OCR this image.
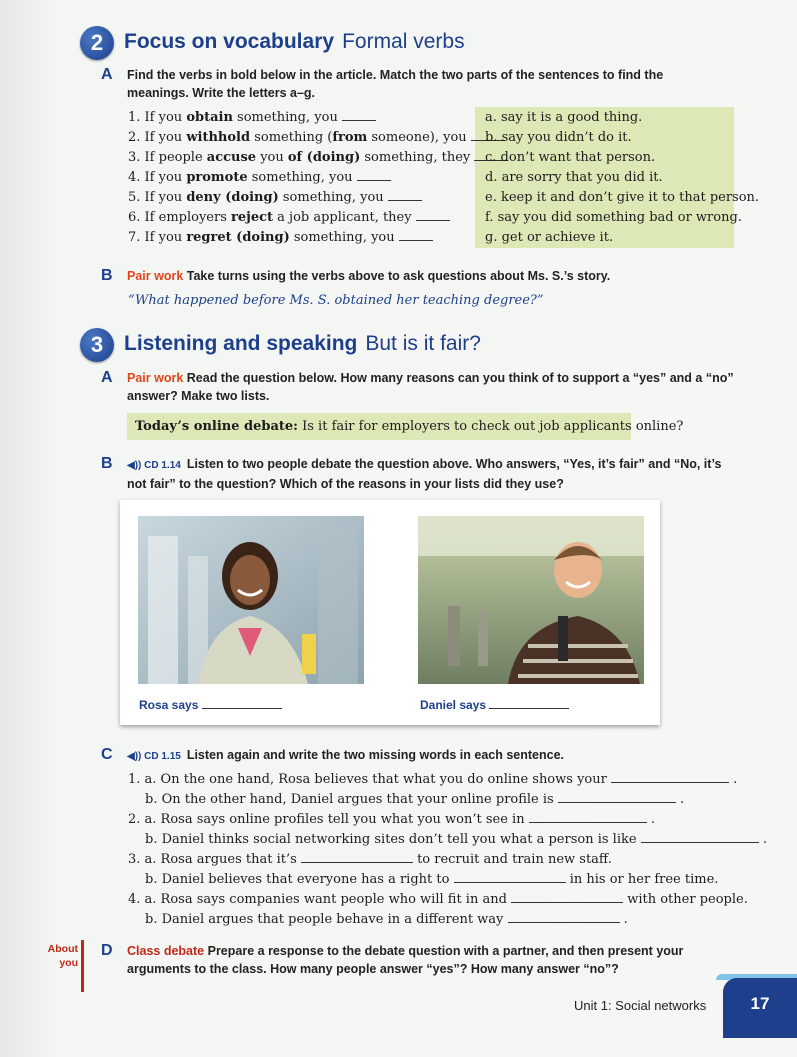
2 Focus on vocabulary Formal verbs
A Find the verbs in bold below in the article. Match the two parts of the sentences to find the meanings. Write the letters a–g.
1. If you obtain something, you
2. If you withhold something (from someone), you
3. If people accuse you of (doing) something, they
4. If you promote something, you
5. If you deny (doing) something, you
6. If employers reject a job applicant, they
7. If you regret (doing) something, you
a. say it is a good thing.
b. say you didn’t do it.
c. don’t want that person.
d. are sorry that you did it.
e. keep it and don’t give it to that person.
f. say you did something bad or wrong.
g. get or achieve it.
B Pair work Take turns using the verbs above to ask questions about Ms. S.’s story.
“What happened before Ms. S. obtained her teaching degree?”
3 Listening and speaking But is it fair?
A Pair work Read the question below. How many reasons can you think of to support a “yes” and a “no” answer? Make two lists.
Today’s online debate: Is it fair for employers to check out job applicants online?
B ◀)) CD 1.14 Listen to two people debate the question above. Who answers, “Yes, it’s fair” and “No, it’s not fair” to the question? Which of the reasons in your lists did they use?
Rosa says	Daniel says
C ◀)) CD 1.15 Listen again and write the two missing words in each sentence.
1. a. On the one hand, Rosa believes that what you do online shows your	.
b. On the other hand, Daniel argues that your online profile is	.
2. a. Rosa says online profiles tell you what you won’t see in	.
b. Daniel thinks social networking sites don’t tell you what a person is like	.
3. a. Rosa argues that it’s	to recruit and train new staff.
b. Daniel believes that everyone has a right to	in his or her free time.
4. a. Rosa says companies want people who will fit in and	with other people.
b. Daniel argues that people behave in a different way	.
About you
D Class debate Prepare a response to the debate question with a partner, and then present your arguments to the class. How many people answer “yes”? How many answer “no”?
Unit 1: Social networks	17
